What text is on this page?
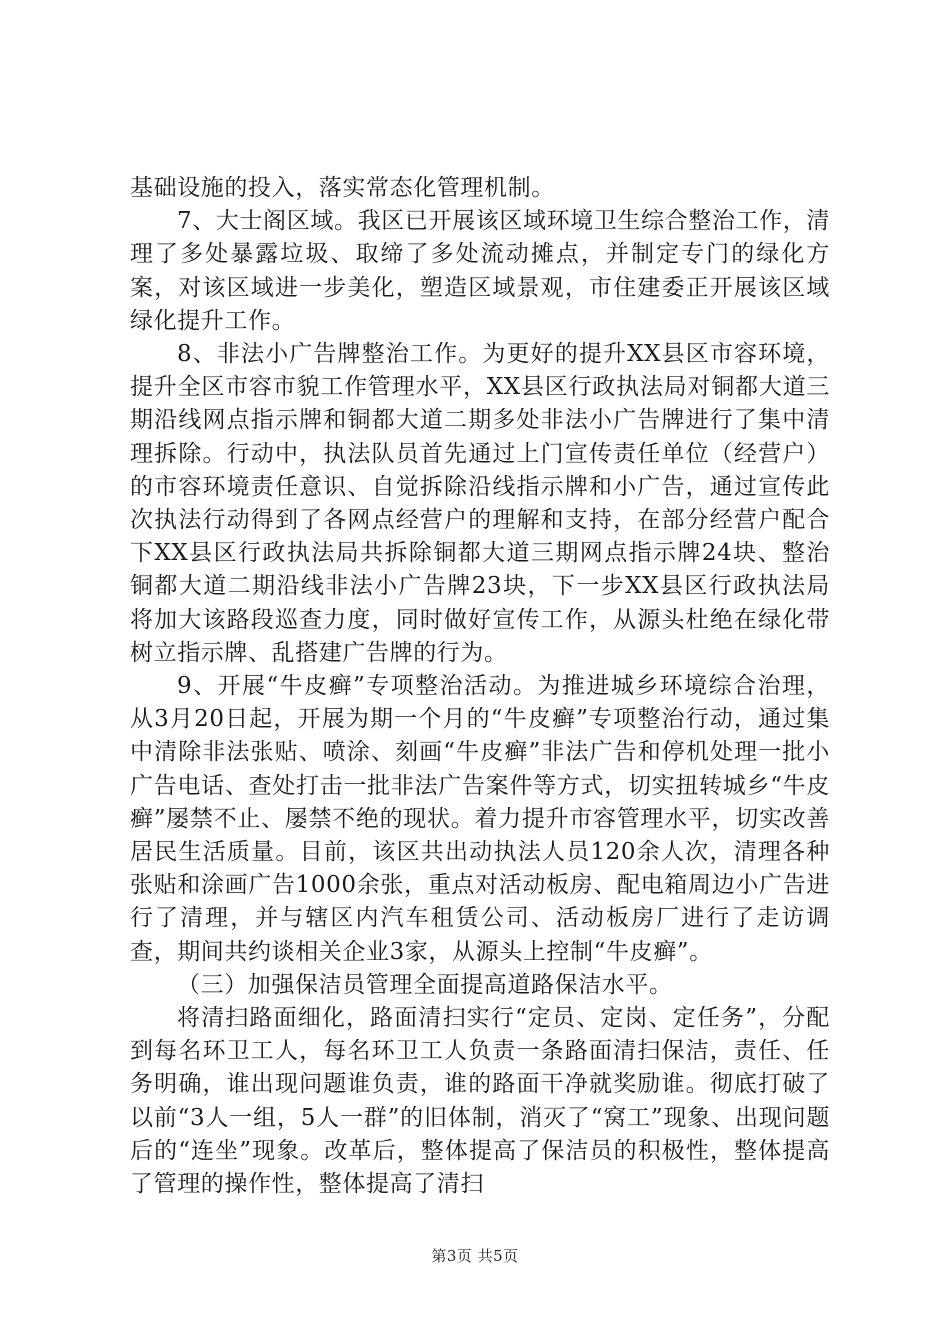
基础设施的投入，落实常态化管理机制。

7、大士阁区域。我区已开展该区域环境卫生综合整治工作，清理了多处暴露垃圾、取缔了多处流动摊点，并制定专门的绿化方案，对该区域进一步美化，塑造区域景观，市住建委正开展该区域绿化提升工作。

8、非法小广告牌整治工作。为更好的提升XX县区市容环境，提升全区市容市貌工作管理水平，XX县区行政执法局对铜都大道三期沿线网点指示牌和铜都大道二期多处非法小广告牌进行了集中清理拆除。行动中，执法队员首先通过上门宣传责任单位（经营户）的市容环境责任意识、自觉拆除沿线指示牌和小广告，通过宣传此次执法行动得到了各网点经营户的理解和支持，在部分经营户配合下XX县区行政执法局共拆除铜都大道三期网点指示牌24块、整治铜都大道二期沿线非法小广告牌23块，下一步XX县区行政执法局将加大该路段巡查力度，同时做好宣传工作，从源头杜绝在绿化带树立指示牌、乱搭建广告牌的行为。

9、开展“牛皮癣”专项整治活动。为推进城乡环境综合治理，从3月20日起，开展为期一个月的“牛皮癣”专项整治行动，通过集中清除非法张贴、喷涂、刻画“牛皮癣”非法广告和停机处理一批小广告电话、查处打击一批非法广告案件等方式，切实扭转城乡“牛皮癣”屡禁不止、屡禁不绝的现状。着力提升市容管理水平，切实改善居民生活质量。目前，该区共出动执法人员120余人次，清理各种张贴和涂画广告1000余张，重点对活动板房、配电箱周边小广告进行了清理，并与辖区内汽车租赁公司、活动板房厂进行了走访调查，期间共约谈相关企业3家，从源头上控制“牛皮癣”。

（三）加强保洁员管理全面提高道路保洁水平。

将清扫路面细化，路面清扫实行“定员、定岗、定任务”，分配到每名环卫工人，每名环卫工人负责一条路面清扫保洁，责任、任务明确，谁出现问题谁负责，谁的路面干净就奖励谁。彻底打破了以前“3人一组，5人一群”的旧体制，消灭了“窝工”现象、出现问题后的“连坐”现象。改革后，整体提高了保洁员的积极性，整体提高了管理的操作性，整体提高了清扫

第3页 共5页
